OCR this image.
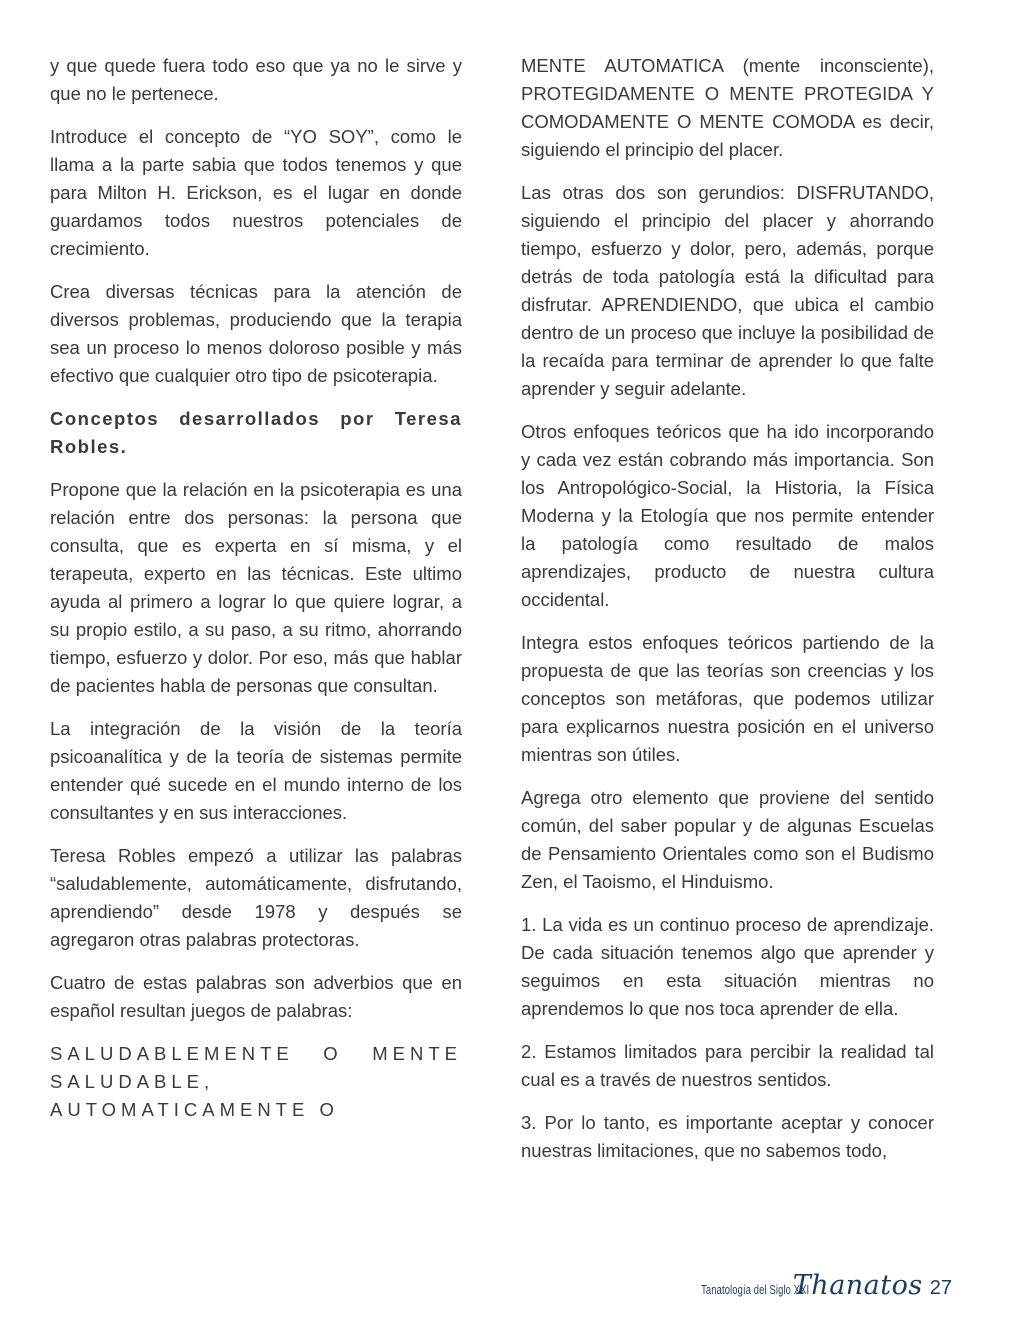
y que quede fuera todo eso que ya no le sirve y que no le pertenece.

Introduce el concepto de “YO SOY”, como le llama a la parte sabia que todos tenemos y que para Milton H. Erickson, es el lugar en donde guardamos todos nuestros potenciales de crecimiento.

Crea diversas técnicas para la atención de diversos problemas, produciendo que la terapia sea un proceso lo menos doloroso posible y más efectivo que cualquier otro tipo de psicoterapia.

Conceptos desarrollados por Teresa Robles.

Propone que la relación en la psicoterapia es una relación entre dos personas: la persona que consulta, que es experta en sí misma, y el terapeuta, experto en las técnicas. Este ultimo ayuda al primero a lograr lo que quiere lograr, a su propio estilo, a su paso, a su ritmo, ahorrando tiempo, esfuerzo y dolor. Por eso, más que hablar de pacientes habla de personas que consultan.

La integración de la visión de la teoría psicoanalítica y de la teoría de sistemas permite entender qué sucede en el mundo interno de los consultantes y en sus interacciones.

Teresa Robles empezó a utilizar las palabras “saludablemente, automáticamente, disfrutando, aprendiendo” desde 1978 y después se agregaron otras palabras protectoras.

Cuatro de estas palabras son adverbios que en español resultan juegos de palabras:

SALUDABLEMENTE O MENTE SALUDABLE, AUTOMATICAMENTE O

MENTE AUTOMATICA (mente inconsciente), PROTEGIDAMENTE O MENTE PROTEGIDA Y COMODAMENTE O MENTE COMODA es decir, siguiendo el principio del placer.

Las otras dos son gerundios: DISFRUTANDO, siguiendo el principio del placer y ahorrando tiempo, esfuerzo y dolor, pero, además, porque detrás de toda patología está la dificultad para disfrutar. APRENDIENDO, que ubica el cambio dentro de un proceso que incluye la posibilidad de la recaída para terminar de aprender lo que falte aprender y seguir adelante.

Otros enfoques teóricos que ha ido incorporando y cada vez están cobrando más importancia. Son los Antropológico-Social, la Historia, la Física Moderna y la Etología que nos permite entender la patología como resultado de malos aprendizajes, producto de nuestra cultura occidental.

Integra estos enfoques teóricos partiendo de la propuesta de que las teorías son creencias y los conceptos son metáforas, que podemos utilizar para explicarnos nuestra posición en el universo mientras son útiles.

Agrega otro elemento que proviene del sentido común, del saber popular y de algunas Escuelas de Pensamiento Orientales como son el Budismo Zen, el Taoismo, el Hinduismo.

1. La vida es un continuo proceso de aprendizaje. De cada situación tenemos algo que aprender y seguimos en esta situación mientras no aprendemos lo que nos toca aprender de ella.

2. Estamos limitados para percibir la realidad tal cual es a través de nuestros sentidos.

3. Por lo tanto, es importante aceptar y conocer nuestras limitaciones, que no sabemos todo,

Tanatología del Siglo XXI
Thanatos 27
